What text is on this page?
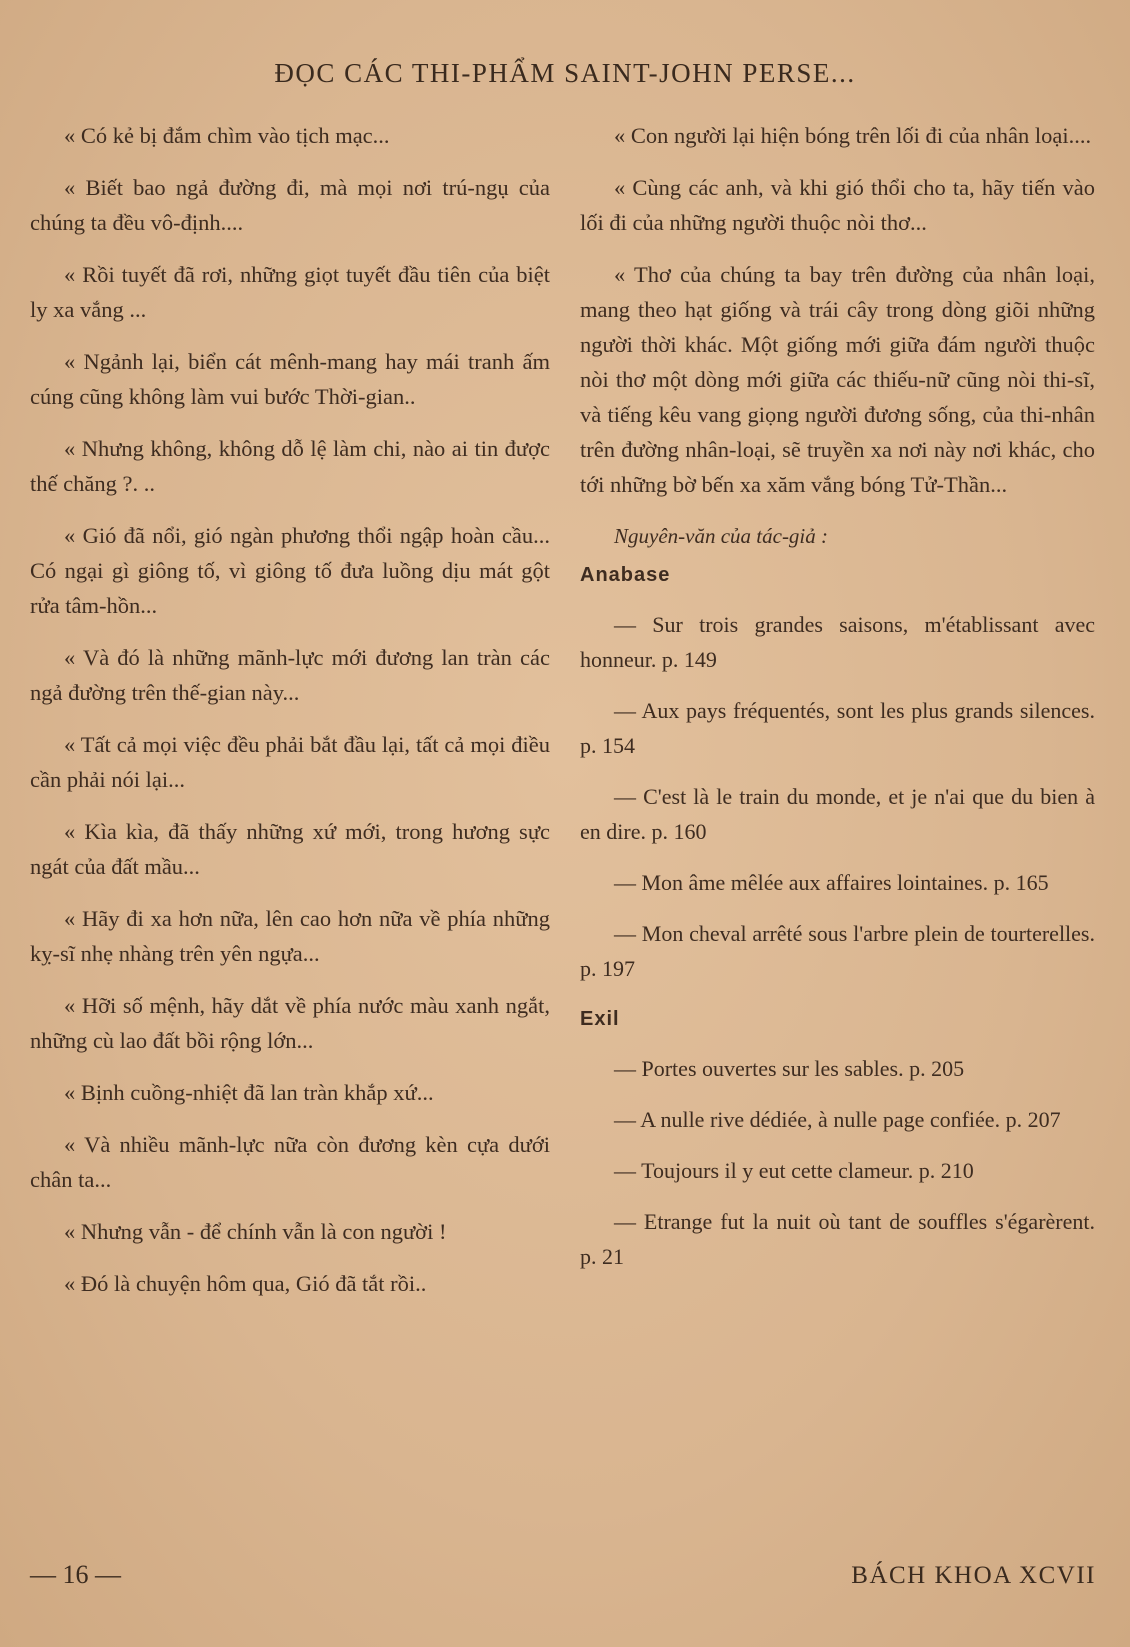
ĐỌC CÁC THI-PHẨM SAINT-JOHN PERSE...

« Có kẻ bị đắm chìm vào tịch mạc...

« Biết bao ngả đường đi, mà mọi nơi trú-ngụ của chúng ta đều vô-định....

« Rồi tuyết đã rơi, những giọt tuyết đầu tiên của biệt ly xa vắng ...

« Ngảnh lại, biển cát mênh-mang hay mái tranh ấm cúng cũng không làm vui bước Thời-gian..

« Nhưng không, không dỗ lệ làm chi, nào ai tin được thế chăng ?. ..

« Gió đã nổi, gió ngàn phương thổi ngập hoàn cầu... Có ngại gì giông tố, vì giông tố đưa luồng dịu mát gột rửa tâm-hồn...

« Và đó là những mãnh-lực mới đương lan tràn các ngả đường trên thế-gian này...

« Tất cả mọi việc đều phải bắt đầu lại, tất cả mọi điều cần phải nói lại...

« Kìa kìa, đã thấy những xứ mới, trong hương sực ngát của đất mầu...

« Hãy đi xa hơn nữa, lên cao hơn nữa về phía những kỵ-sĩ nhẹ nhàng trên yên ngựa...

« Hỡi số mệnh, hãy dắt về phía nước màu xanh ngắt, những cù lao đất bồi rộng lớn...

« Bịnh cuồng-nhiệt đã lan tràn khắp xứ...

« Và nhiều mãnh-lực nữa còn đương kèn cựa dưới chân ta...

« Nhưng vẫn - để chính vẫn là con người !

« Đó là chuyện hôm qua, Gió đã tắt rồi..

« Con người lại hiện bóng trên lối đi của nhân loại....

« Cùng các anh, và khi gió thổi cho ta, hãy tiến vào lối đi của những người thuộc nòi thơ...

« Thơ của chúng ta bay trên đường của nhân loại, mang theo hạt giống và trái cây trong dòng giõi những người thời khác. Một giống mới giữa đám người thuộc nòi thơ một dòng mới giữa các thiếu-nữ cũng nòi thi-sĩ, và tiếng kêu vang giọng người đương sống, của thi-nhân trên đường nhân-loại, sẽ truyền xa nơi này nơi khác, cho tới những bờ bến xa xăm vắng bóng Tử-Thần...

Nguyên-văn của tác-giả :
Anabase
— Sur trois grandes saisons, m'établissant avec honneur. p. 149
— Aux pays fréquentés, sont les plus grands silences. p. 154
— C'est là le train du monde, et je n'ai que du bien à en dire. p. 160
— Mon âme mêlée aux affaires lointaines. p. 165
— Mon cheval arrêté sous l'arbre plein de tourterelles. p. 197
Exil
— Portes ouvertes sur les sables. p. 205
— A nulle rive dédiée, à nulle page confiée. p. 207
— Toujours il y eut cette clameur. p. 210
— Etrange fut la nuit où tant de souffles s'égarèrent. p. 21
— 16 —	BÁCH KHOA XCVII
